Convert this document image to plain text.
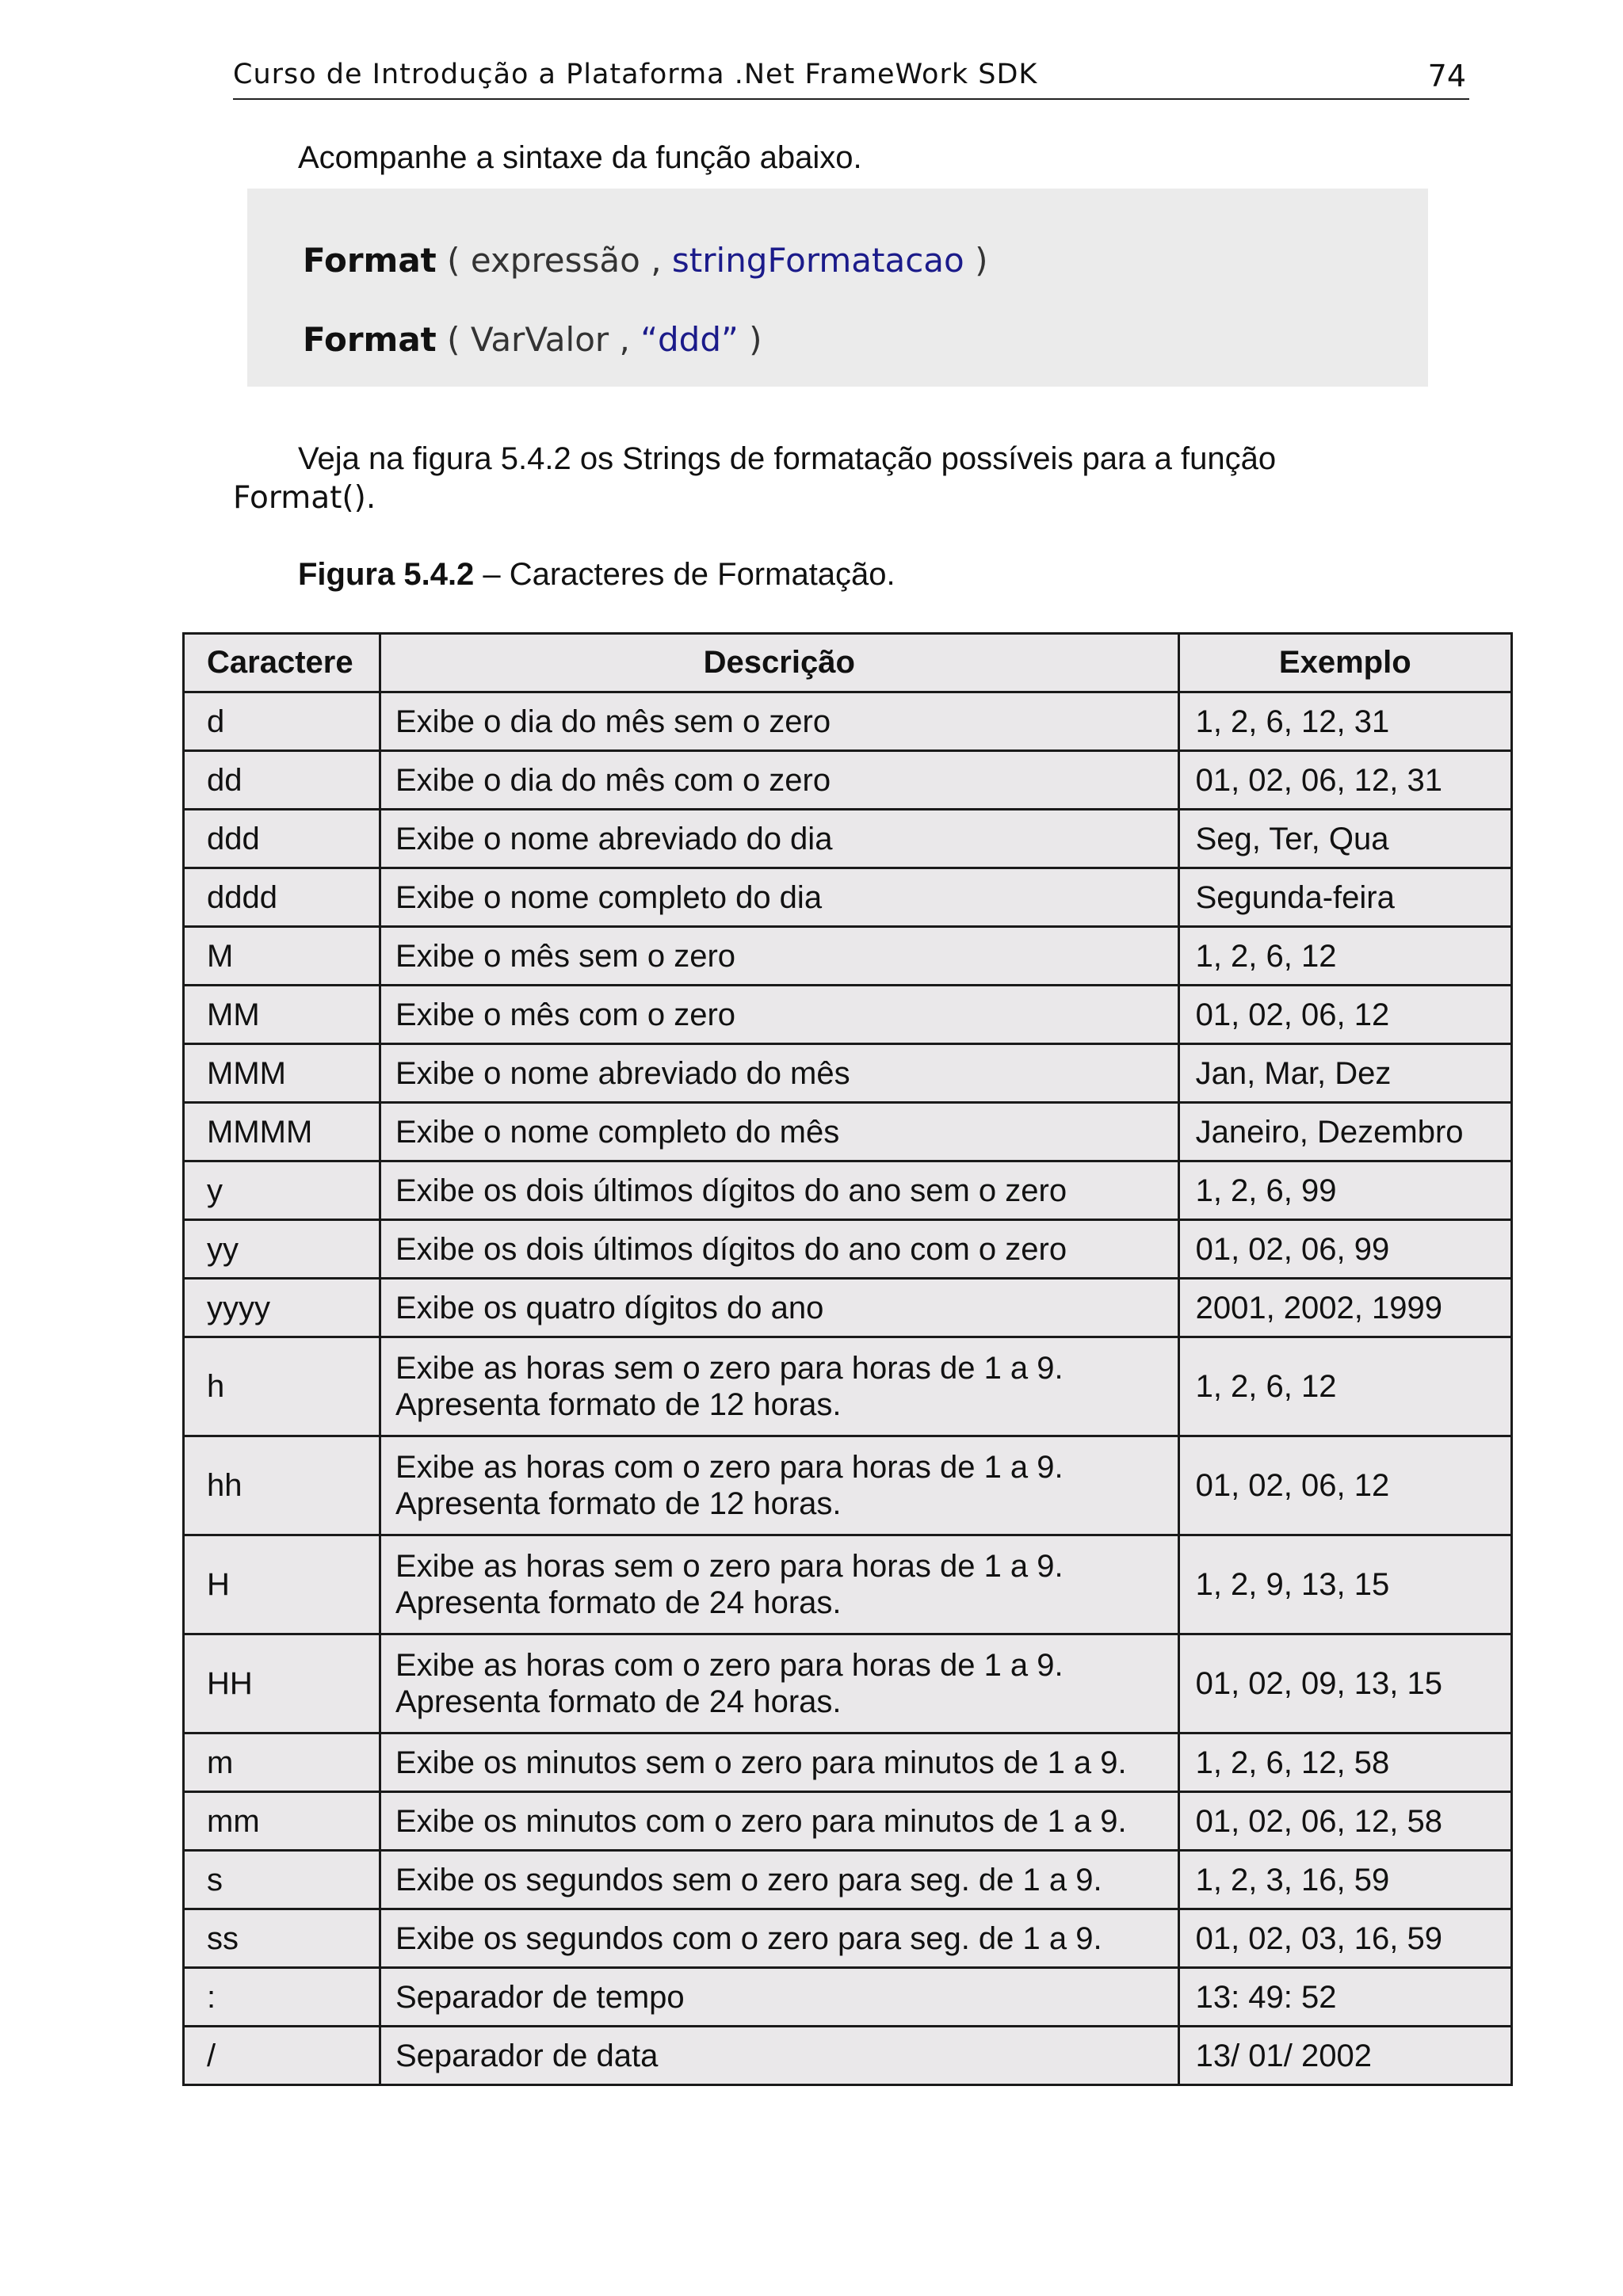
Curso de Introdução a Plataforma .Net FrameWork SDK	74
Acompanhe a sintaxe da função abaixo.
Format ( expressão , stringFormatacao )
Format ( VarValor , “ddd” )
Veja na figura 5.4.2 os Strings de formatação possíveis para a função
Format().
Figura 5.4.2 – Caracteres de Formatação.
Caractere	Descrição	Exemplo
d	Exibe o dia do mês sem o zero	1, 2, 6, 12, 31
dd	Exibe o dia do mês com o zero	01, 02, 06, 12, 31
ddd	Exibe o nome abreviado do dia	Seg, Ter, Qua
dddd	Exibe o nome completo do dia	Segunda-feira
M	Exibe o mês sem o zero	1, 2, 6, 12
MM	Exibe o mês com o zero	01, 02, 06, 12
MMM	Exibe o nome abreviado do mês	Jan, Mar, Dez
MMMM	Exibe o nome completo do mês	Janeiro, Dezembro
y	Exibe os dois últimos dígitos do ano sem o zero	1, 2, 6, 99
yy	Exibe os dois últimos dígitos do ano com o zero	01, 02, 06, 99
yyyy	Exibe os quatro dígitos do ano	2001, 2002, 1999
h	Exibe as horas sem o zero para horas de 1 a 9.
Apresenta formato de 12 horas.	1, 2, 6, 12
hh	Exibe as horas com o zero para horas de 1 a 9.
Apresenta formato de 12 horas.	01, 02, 06, 12
H	Exibe as horas sem o zero para horas de 1 a 9.
Apresenta formato de 24 horas.	1, 2, 9, 13, 15
HH	Exibe as horas com o zero para horas de 1 a 9.
Apresenta formato de 24 horas.	01, 02, 09, 13, 15
m	Exibe os minutos sem o zero para minutos de 1 a 9.	1, 2, 6, 12, 58
mm	Exibe os minutos com o zero para minutos de 1 a 9.	01, 02, 06, 12, 58
s	Exibe os segundos sem o zero para seg. de 1 a 9.	1, 2, 3, 16, 59
ss	Exibe os segundos com o zero para seg. de 1 a 9.	01, 02, 03, 16, 59
:	Separador de tempo	13: 49: 52
/	Separador de data	13/ 01/ 2002
